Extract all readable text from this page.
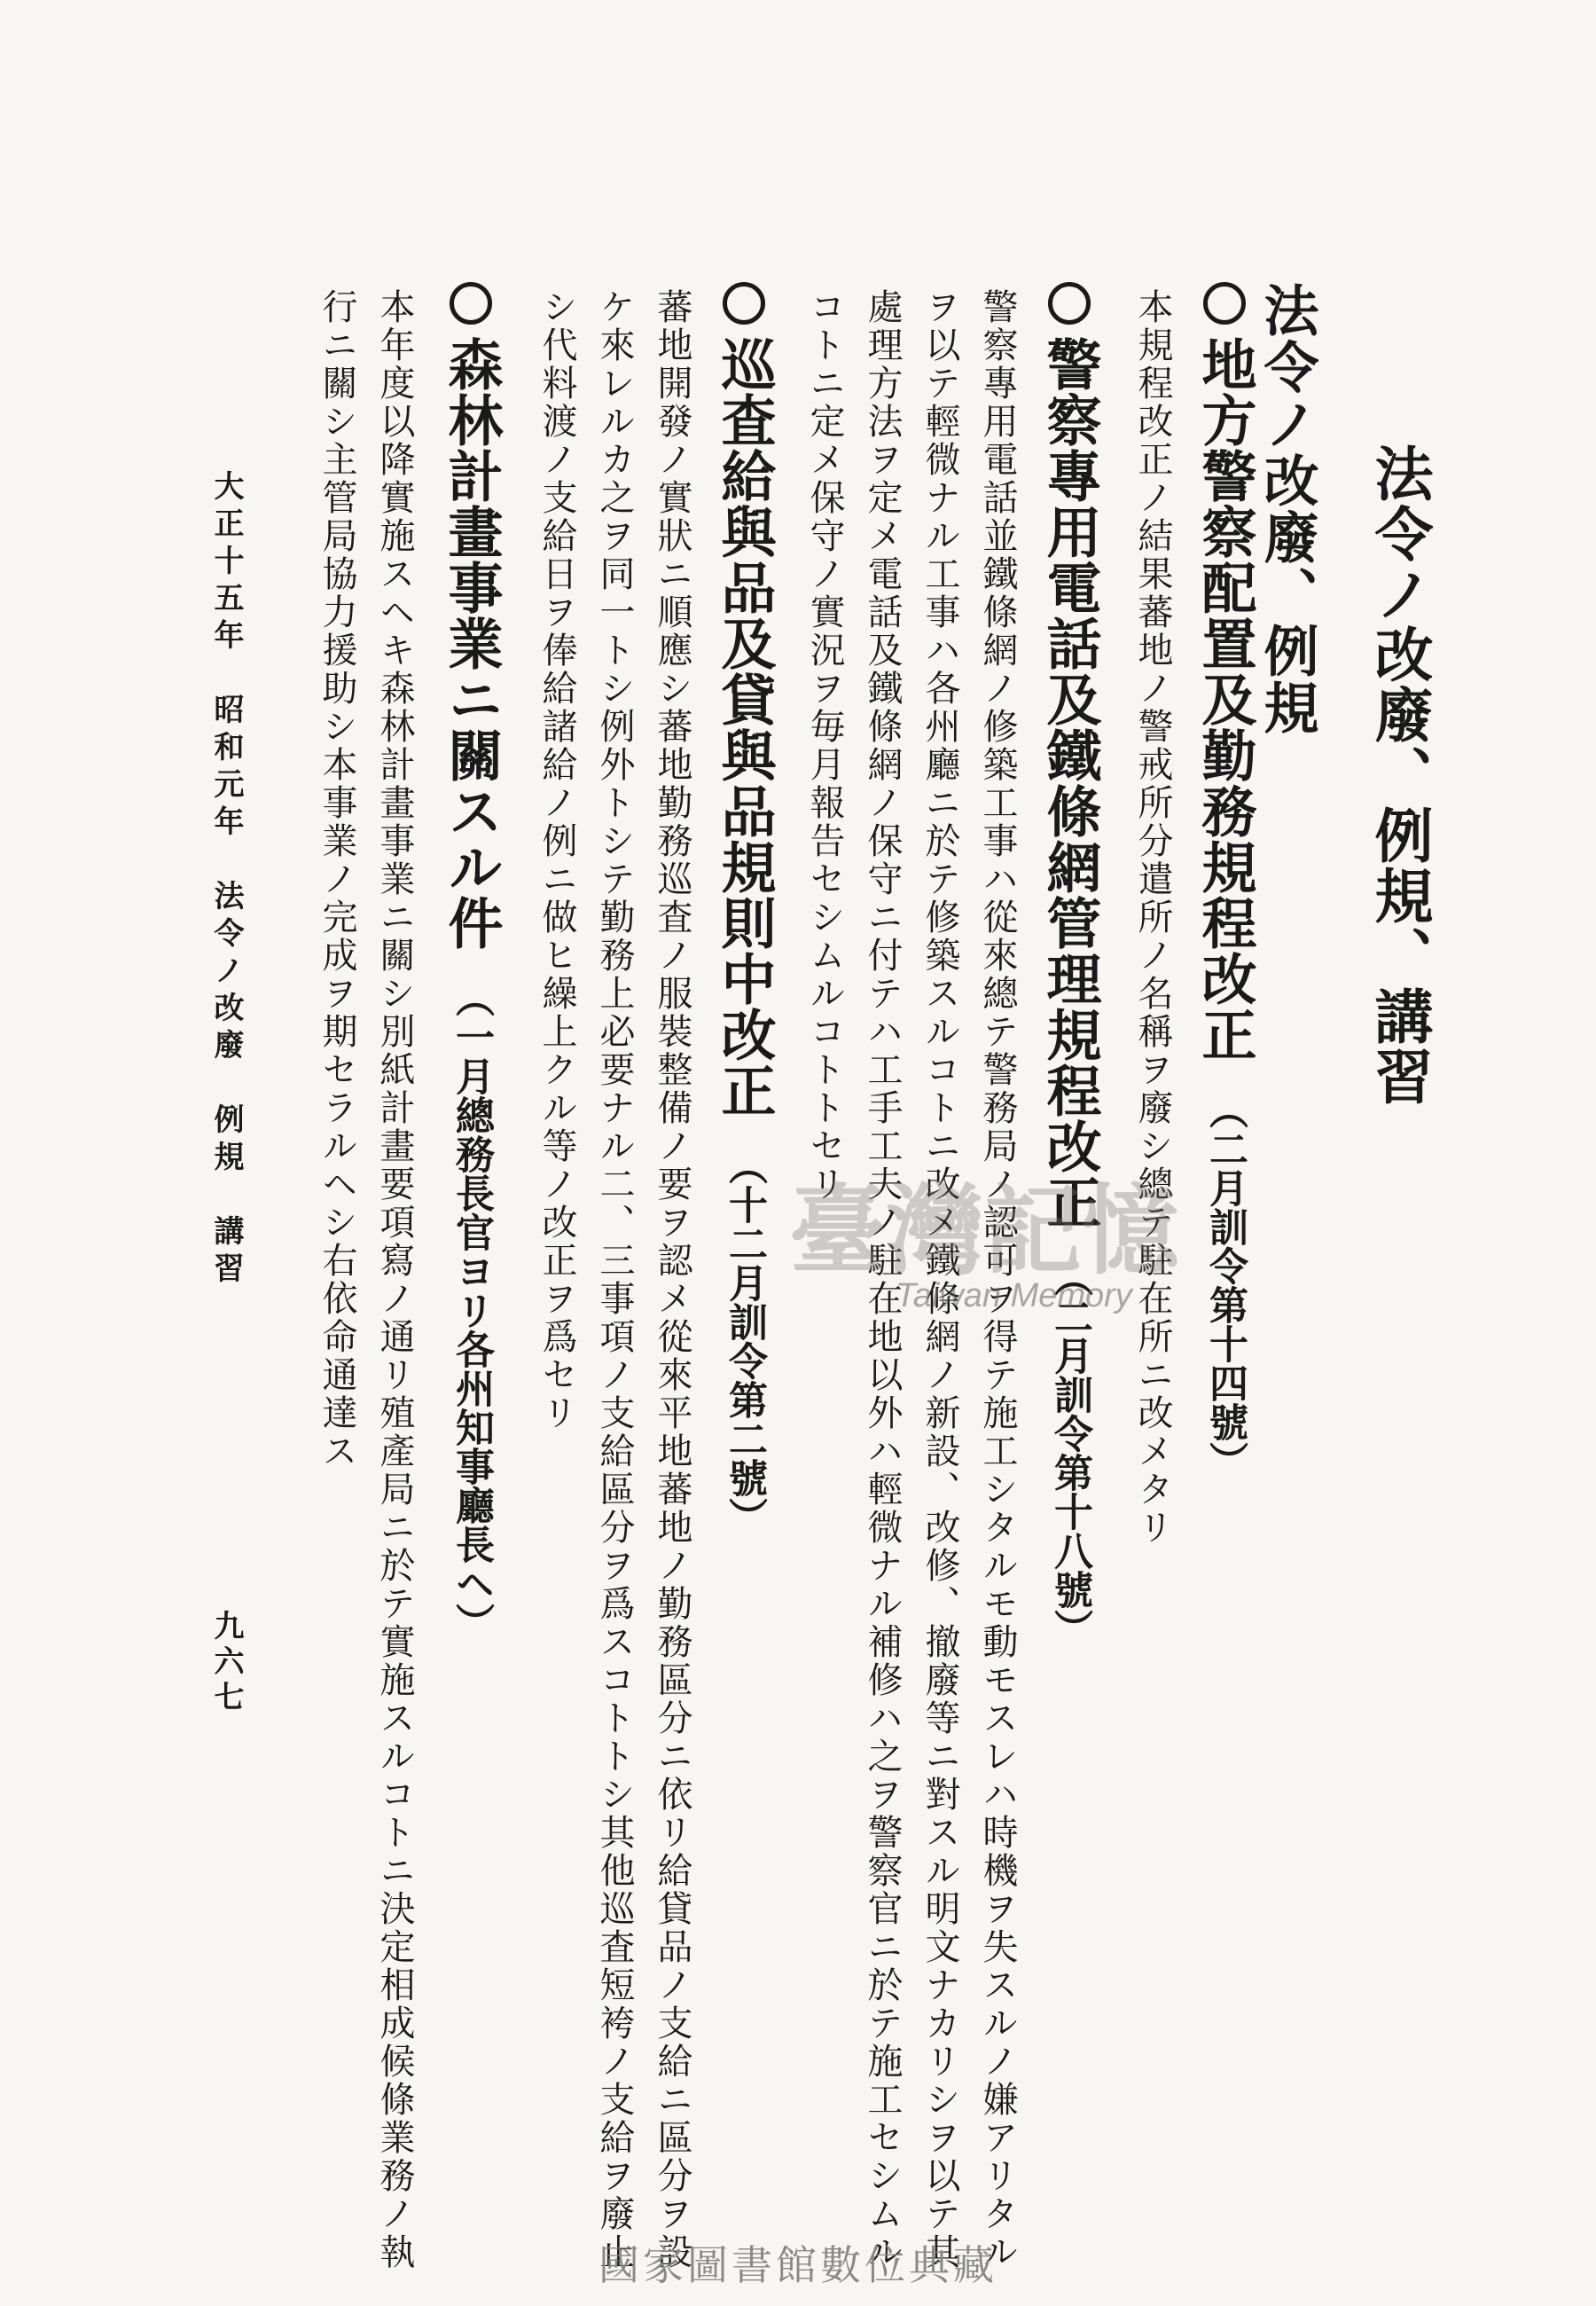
法令ノ改廢、例規、講習
法令ノ改廢、例規
地方警察配置及勤務規程改正 （二月訓令第十四號）
本規程改正ノ結果蕃地ノ警戒所分遣所ノ名稱ヲ廢シ總テ駐在所ニ改メタリ
警察專用電話及鐵條網管理規程改正 （二月訓令第十八號）
警察專用電話並鐵條網ノ修築工事ハ從來總テ警務局ノ認可ヲ得テ施工シタルモ動モスレハ時機ヲ失スルノ嫌アリタル
ヲ以テ輕微ナル工事ハ各州廳ニ於テ修築スルコトニ改メ鐵條網ノ新設、改修、撤廢等ニ對スル明文ナカリシヲ以テ其
處理方法ヲ定メ電話及鐵條網ノ保守ニ付テハ工手工夫ノ駐在地以外ハ輕微ナル補修ハ之ヲ警察官ニ於テ施工セシムル
コトニ定メ保守ノ實況ヲ毎月報告セシムルコトトセリ
巡査給與品及貸與品規則中改正 （十二月訓令第二號）
蕃地開發ノ實狀ニ順應シ蕃地勤務巡査ノ服裝整備ノ要ヲ認メ從來平地蕃地ノ勤務區分ニ依リ給貸品ノ支給ニ區分ヲ設
ケ來レルカ之ヲ同一トシ例外トシテ勤務上必要ナル二、三事項ノ支給區分ヲ爲スコトトシ其他巡査短袴ノ支給ヲ廢止
シ代料渡ノ支給日ヲ俸給諸給ノ例ニ做ヒ繰上クル等ノ改正ヲ爲セリ
森林計畫事業ニ關スル件 （一月總務長官ヨリ各州知事廳長ヘ）
本年度以降實施スヘキ森林計畫事業ニ關シ別紙計畫要項寫ノ通リ殖產局ニ於テ實施スルコトニ決定相成候條業務ノ執
行ニ關シ主管局協力援助シ本事業ノ完成ヲ期セラルヘシ右依命通達ス
大正十五年　昭和元年　法令ノ改廢　例規　講習
九六七
臺灣記憶
Taiwan Memory
國家圖書館數位典藏
